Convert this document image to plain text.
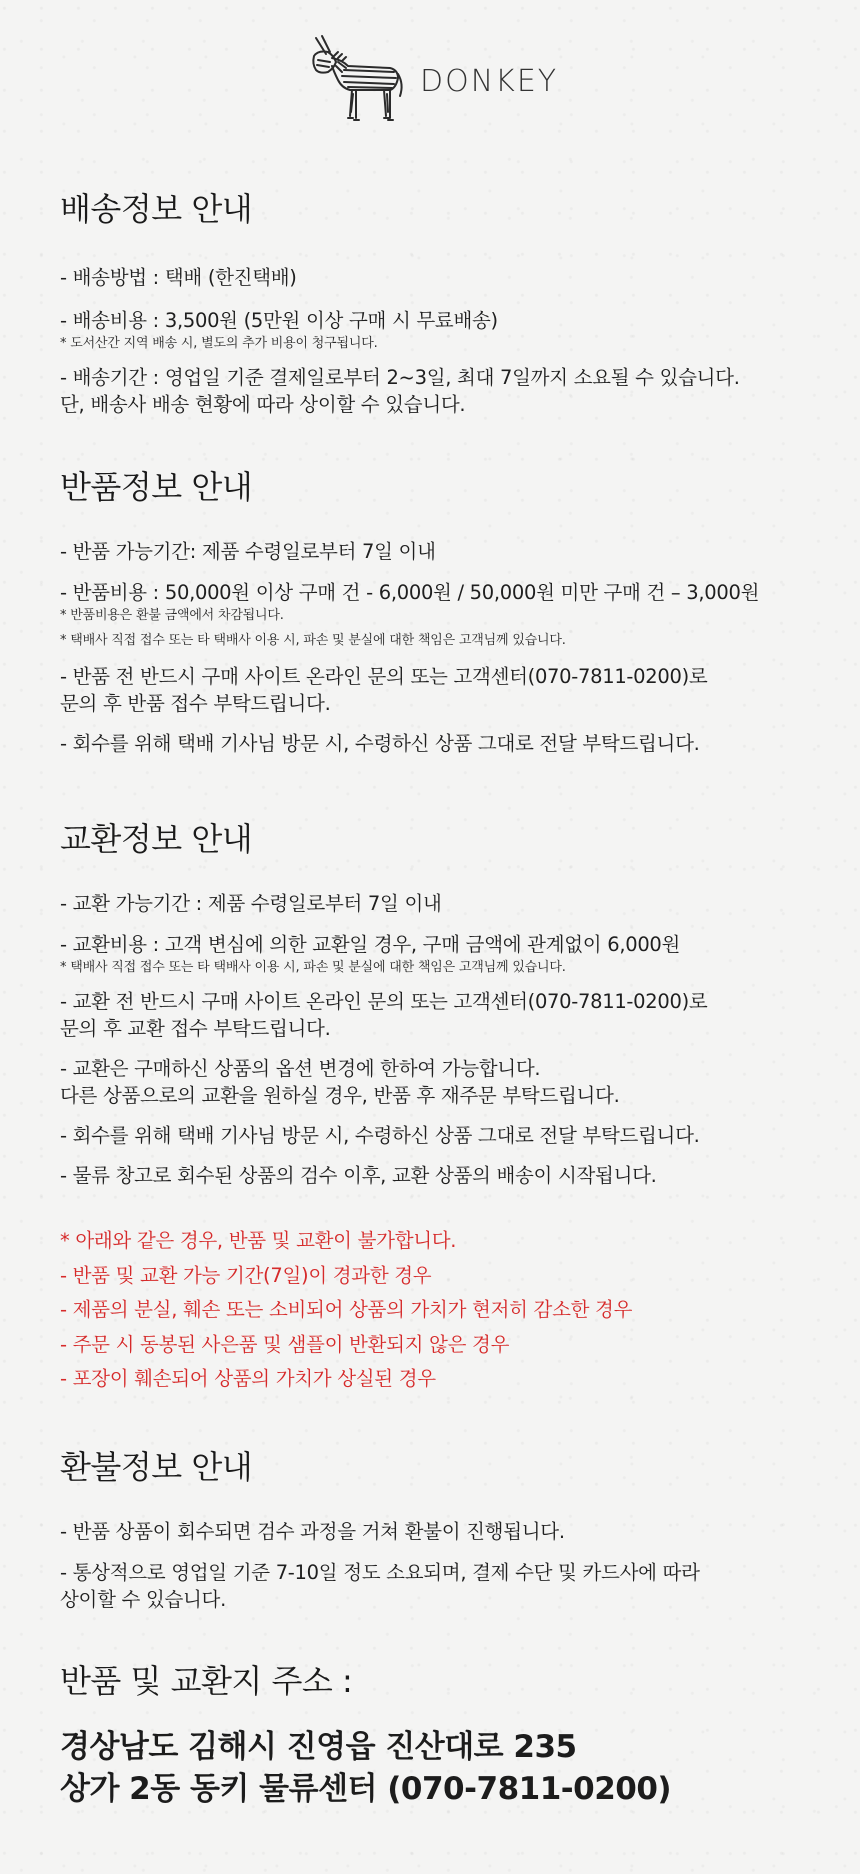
DONKEY
배송정보 안내
- 배송방법 : 택배 (한진택배)
- 배송비용 : 3,500원 (5만원 이상 구매 시 무료배송)
* 도서산간 지역 배송 시, 별도의 추가 비용이 청구됩니다.
- 배송기간 : 영업일 기준 결제일로부터 2~3일, 최대 7일까지 소요될 수 있습니다.
단, 배송사 배송 현황에 따라 상이할 수 있습니다.
반품정보 안내
- 반품 가능기간: 제품 수령일로부터 7일 이내
- 반품비용 : 50,000원 이상 구매 건 - 6,000원 / 50,000원 미만 구매 건 – 3,000원
* 반품비용은 환불 금액에서 차감됩니다.
* 택배사 직접 접수 또는 타 택배사 이용 시, 파손 및 분실에 대한 책임은 고객님께 있습니다.
- 반품 전 반드시 구매 사이트 온라인 문의 또는 고객센터(070-7811-0200)로
문의 후 반품 접수 부탁드립니다.
- 회수를 위해 택배 기사님 방문 시, 수령하신 상품 그대로 전달 부탁드립니다.
교환정보 안내
- 교환 가능기간 : 제품 수령일로부터 7일 이내
- 교환비용 : 고객 변심에 의한 교환일 경우, 구매 금액에 관계없이 6,000원
* 택배사 직접 접수 또는 타 택배사 이용 시, 파손 및 분실에 대한 책임은 고객님께 있습니다.
- 교환 전 반드시 구매 사이트 온라인 문의 또는 고객센터(070-7811-0200)로
문의 후 교환 접수 부탁드립니다.
- 교환은 구매하신 상품의 옵션 변경에 한하여 가능합니다.
다른 상품으로의 교환을 원하실 경우, 반품 후 재주문 부탁드립니다.
- 회수를 위해 택배 기사님 방문 시, 수령하신 상품 그대로 전달 부탁드립니다.
- 물류 창고로 회수된 상품의 검수 이후, 교환 상품의 배송이 시작됩니다.
* 아래와 같은 경우, 반품 및 교환이 불가합니다.
- 반품 및 교환 가능 기간(7일)이 경과한 경우
- 제품의 분실, 훼손 또는 소비되어 상품의 가치가 현저히 감소한 경우
- 주문 시 동봉된 사은품 및 샘플이 반환되지 않은 경우
- 포장이 훼손되어 상품의 가치가 상실된 경우
환불정보 안내
- 반품 상품이 회수되면 검수 과정을 거쳐 환불이 진행됩니다.
- 통상적으로 영업일 기준 7-10일 정도 소요되며, 결제 수단 및 카드사에 따라
상이할 수 있습니다.
반품 및 교환지 주소 :
경상남도 김해시 진영읍 진산대로 235
상가 2동 동키 물류센터 (070-7811-0200)
